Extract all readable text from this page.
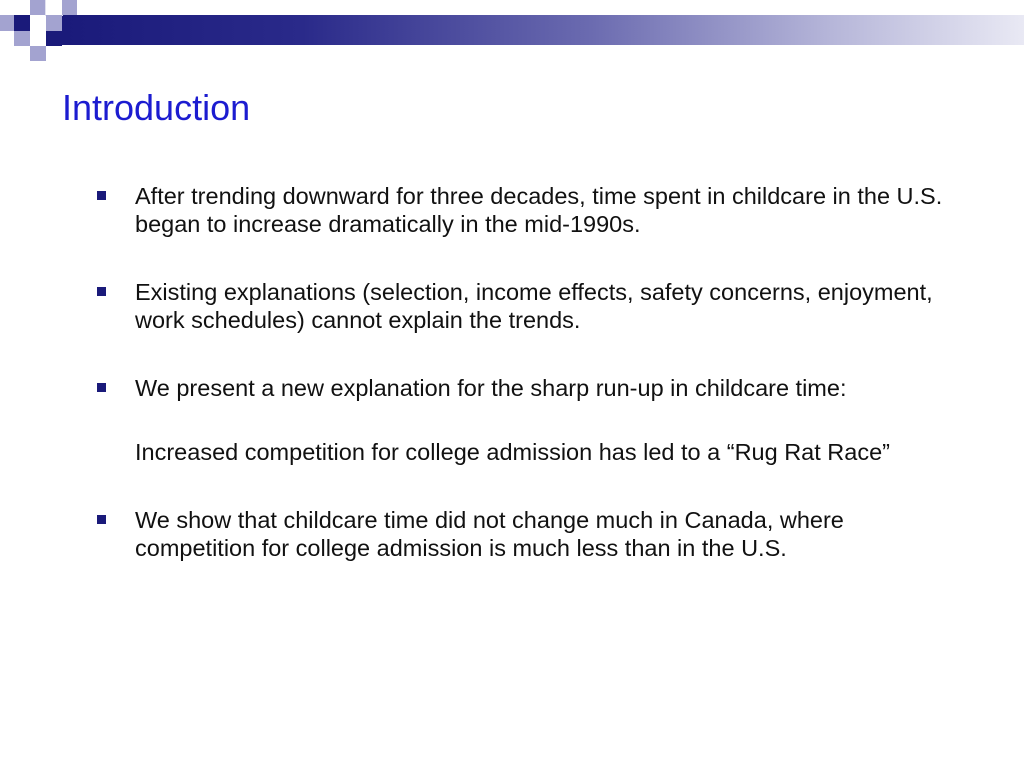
Introduction
After trending downward for three decades, time spent in childcare in the U.S. began to increase dramatically in the mid-1990s.
Existing explanations (selection, income effects, safety concerns, enjoyment, work schedules) cannot explain the trends.
We present a new explanation for the sharp run-up in childcare time:
Increased competition for college admission has led to a “Rug Rat Race”
We show that childcare time did not change much in Canada, where competition for college admission is much less than in the U.S.
